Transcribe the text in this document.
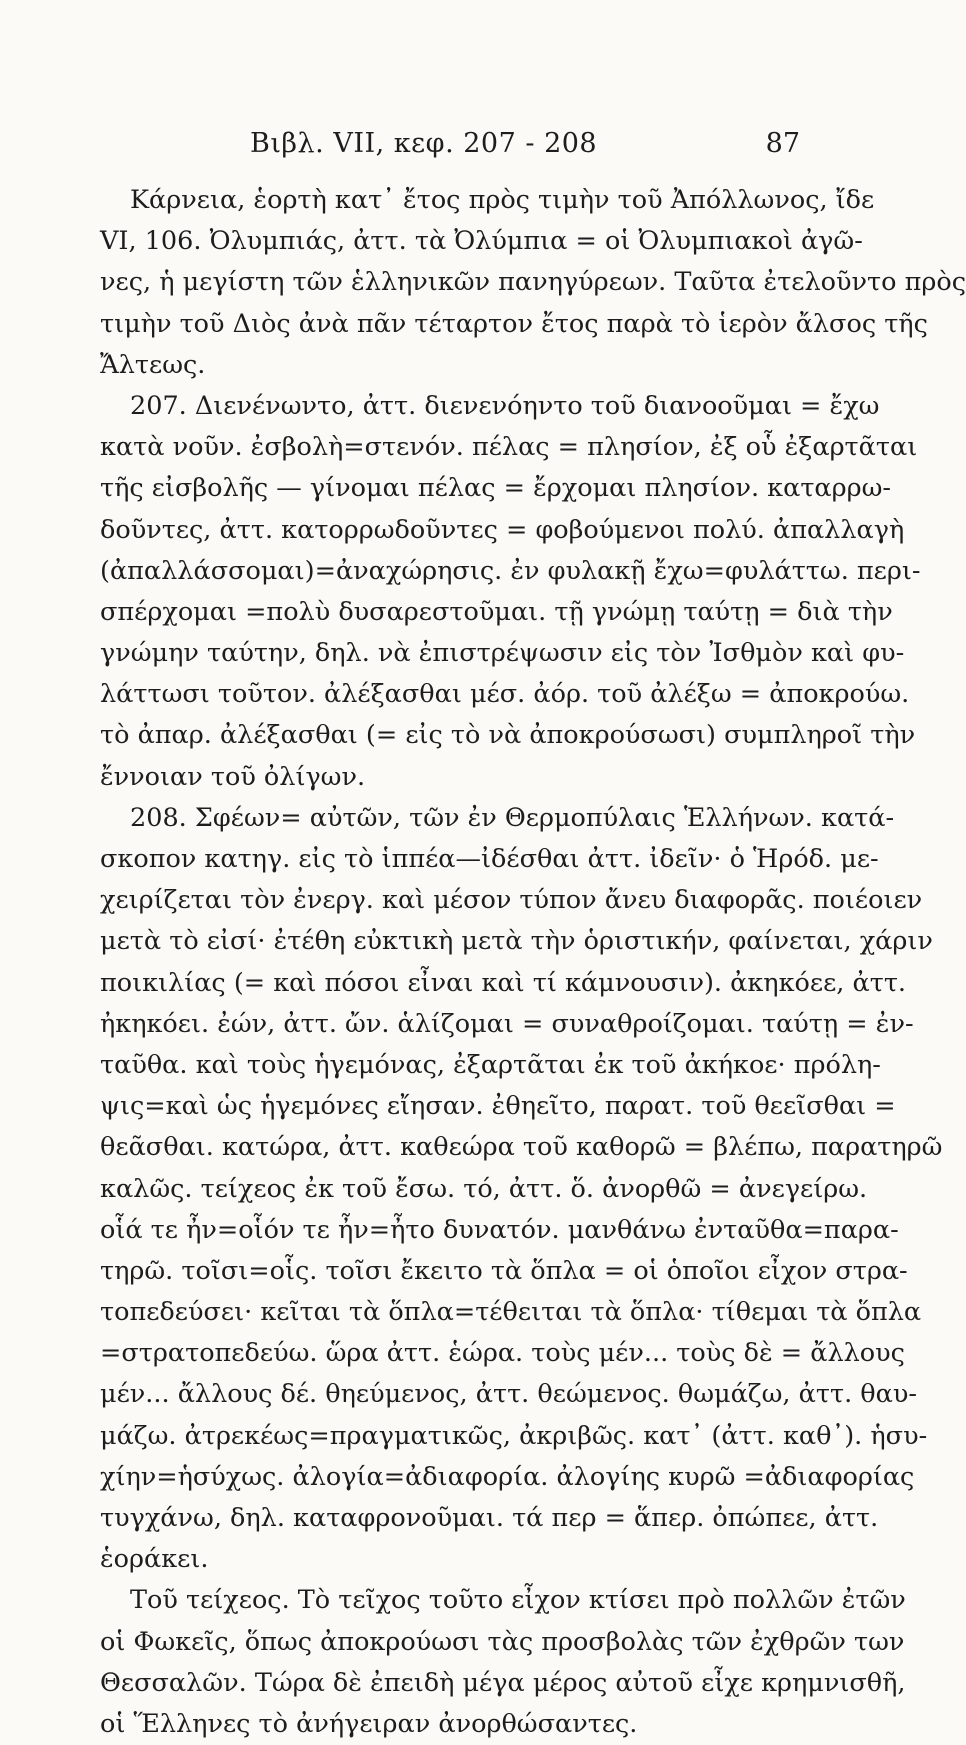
Βιβλ. VII, κεφ. 207 - 208	87
Κάρνεια, ἑορτὴ κατ᾽ ἔτος πρὸς τιμὴν τοῦ Ἀπόλλωνος, ἴδε
VI, 106. Ὀλυμπιάς, ἀττ. τὰ Ὀλύμπια = οἱ Ὀλυμπιακοὶ ἀγῶ-
νες, ἡ μεγίστη τῶν ἑλληνικῶν πανηγύρεων. Ταῦτα ἐτελοῦντο πρὸς
τιμὴν τοῦ Διὸς ἀνὰ πᾶν τέταρτον ἔτος παρὰ τὸ ἱερὸν ἄλσος τῆς
Ἄλτεως.
207. Διενένωντο, ἀττ. διενενόηντο τοῦ διανοοῦμαι = ἔχω
κατὰ νοῦν. ἐσβολὴ=στενόν. πέλας = πλησίον, ἐξ οὗ ἐξαρτᾶται
τῆς εἰσβολῆς — γίνομαι πέλας = ἔρχομαι πλησίον. καταρρω-
δοῦντες, ἀττ. κατορρωδοῦντες = φοβούμενοι πολύ. ἀπαλλαγὴ
(ἀπαλλάσσομαι)=ἀναχώρησις. ἐν φυλακῇ ἔχω=φυλάττω. περι-
σπέρχομαι =πολὺ δυσαρεστοῦμαι. τῇ γνώμῃ ταύτῃ = διὰ τὴν
γνώμην ταύτην, δηλ. νὰ ἐπιστρέψωσιν εἰς τὸν Ἰσθμὸν καὶ φυ-
λάττωσι τοῦτον. ἀλέξασθαι μέσ. ἀόρ. τοῦ ἀλέξω = ἀποκρούω.
τὸ ἀπαρ. ἀλέξασθαι (= εἰς τὸ νὰ ἀποκρούσωσι) συμπληροῖ τὴν
ἔννοιαν τοῦ ὀλίγων.
208. Σφέων= αὐτῶν, τῶν ἐν Θερμοπύλαις Ἑλλήνων. κατά-
σκοπον κατηγ. εἰς τὸ ἱππέα—ἰδέσθαι ἀττ. ἰδεῖν· ὁ Ἡρόδ. με-
χειρίζεται τὸν ἐνεργ. καὶ μέσον τύπον ἄνευ διαφορᾶς. ποιέοιεν
μετὰ τὸ εἰσί· ἐτέθη εὐκτικὴ μετὰ τὴν ὁριστικήν, φαίνεται, χάριν
ποικιλίας (= καὶ πόσοι εἶναι καὶ τί κάμνουσιν). ἀκηκόεε, ἀττ.
ἠκηκόει. ἐών, ἀττ. ὤν. ἁλίζομαι = συναθροίζομαι. ταύτῃ = ἐν-
ταῦθα. καὶ τοὺς ἡγεμόνας, ἐξαρτᾶται ἐκ τοῦ ἀκήκοε· πρόλη-
ψις=καὶ ὡς ἡγεμόνες εἴησαν. ἐθηεῖτο, παρατ. τοῦ θεεῖσθαι =
θεᾶσθαι. κατώρα, ἀττ. καθεώρα τοῦ καθορῶ = βλέπω, παρατηρῶ
καλῶς. τείχεος ἐκ τοῦ ἔσω. τό, ἀττ. ὅ. ἀνορθῶ = ἀνεγείρω.
οἷά τε ἦν=οἷόν τε ἦν=ἦτο δυνατόν. μανθάνω ἐνταῦθα=παρα-
τηρῶ. τοῖσι=οἷς. τοῖσι ἔκειτο τὰ ὅπλα = οἱ ὁποῖοι εἶχον στρα-
τοπεδεύσει· κεῖται τὰ ὅπλα=τέθειται τὰ ὅπλα· τίθεμαι τὰ ὅπλα
=στρατοπεδεύω. ὥρα ἀττ. ἑώρα. τοὺς μέν... τοὺς δὲ = ἄλλους
μέν... ἄλλους δέ. θηεύμενος, ἀττ. θεώμενος. θωμάζω, ἀττ. θαυ-
μάζω. ἀτρεκέως=πραγματικῶς, ἀκριβῶς. κατ᾽ (ἀττ. καθ᾽). ἡσυ-
χίην=ἡσύχως. ἀλογία=ἀδιαφορία. ἀλογίης κυρῶ =ἀδιαφορίας
τυγχάνω, δηλ. καταφρονοῦμαι. τά περ = ἅπερ. ὀπώπεε, ἀττ.
ἑοράκει.
Τοῦ τείχεος. Τὸ τεῖχος τοῦτο εἶχον κτίσει πρὸ πολλῶν ἐτῶν
οἱ Φωκεῖς, ὅπως ἀποκρούωσι τὰς προσβολὰς τῶν ἐχθρῶν των
Θεσσαλῶν. Τώρα δὲ ἐπειδὴ μέγα μέρος αὐτοῦ εἶχε κρημνισθῆ,
οἱ Ἕλληνες τὸ ἀνήγειραν ἀνορθώσαντες.
